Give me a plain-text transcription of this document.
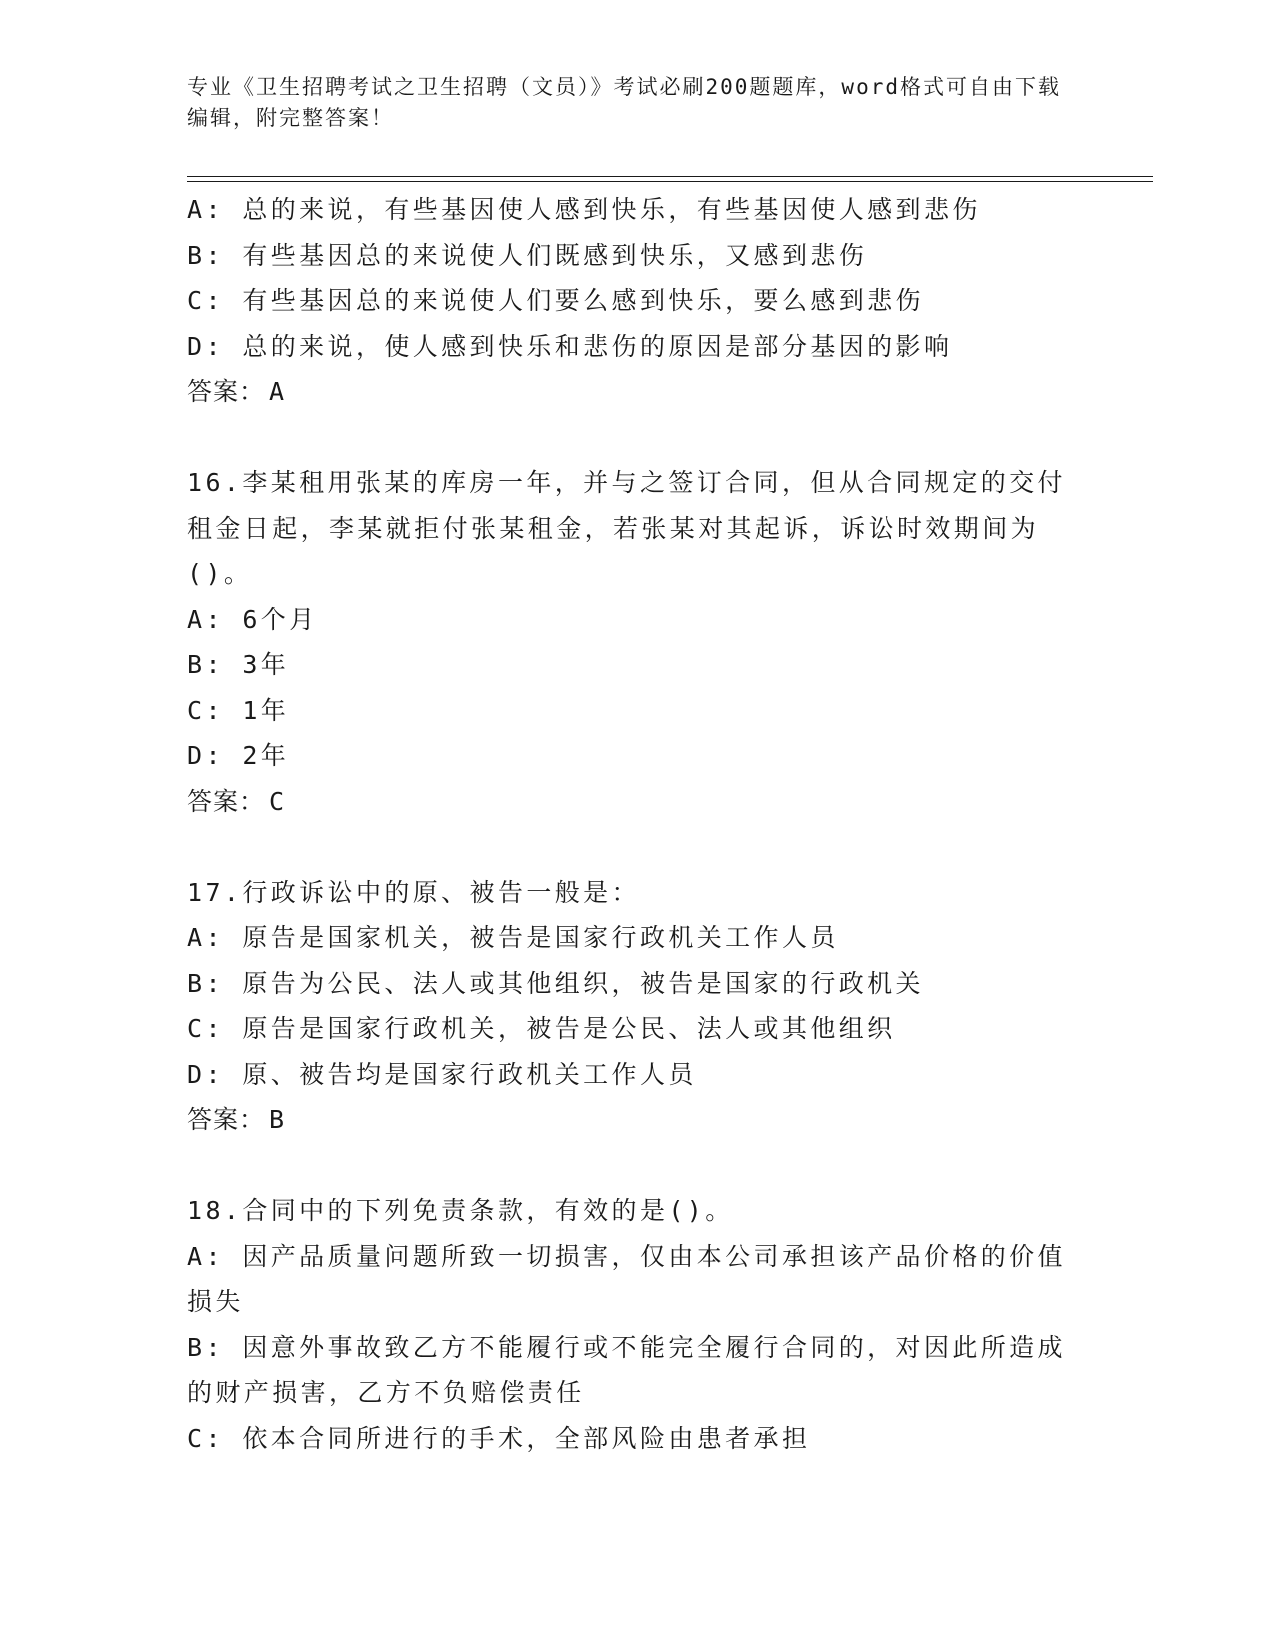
专业《卫生招聘考试之卫生招聘（文员）》考试必刷200题题库，word格式可自由下载编辑，附完整答案！
A: 总的来说，有些基因使人感到快乐，有些基因使人感到悲伤
B: 有些基因总的来说使人们既感到快乐，又感到悲伤
C: 有些基因总的来说使人们要么感到快乐，要么感到悲伤
D: 总的来说，使人感到快乐和悲伤的原因是部分基因的影响
答案： A
16.李某租用张某的库房一年，并与之签订合同，但从合同规定的交付
租金日起，李某就拒付张某租金，若张某对其起诉，诉讼时效期间为
()。
A: 6个月
B: 3年
C: 1年
D: 2年
答案： C
17.行政诉讼中的原、被告一般是：
A: 原告是国家机关，被告是国家行政机关工作人员
B: 原告为公民、法人或其他组织，被告是国家的行政机关
C: 原告是国家行政机关，被告是公民、法人或其他组织
D: 原、被告均是国家行政机关工作人员
答案： B
18.合同中的下列免责条款，有效的是()。
A: 因产品质量问题所致一切损害，仅由本公司承担该产品价格的价值
损失
B: 因意外事故致乙方不能履行或不能完全履行合同的，对因此所造成
的财产损害，乙方不负赔偿责任
C: 依本合同所进行的手术，全部风险由患者承担
